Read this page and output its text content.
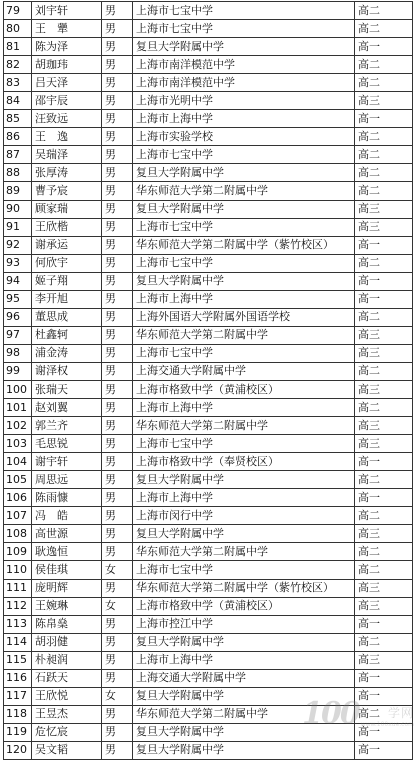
79	刘宇轩	男	上海市七宝中学	高二
80	王　犟	男	上海市七宝中学	高二
81	陈为泽	男	复旦大学附属中学	高一
82	胡珈玮	男	上海市南洋模范中学	高二
83	吕天泽	男	上海市南洋模范中学	高二
84	邵宇辰	男	上海市光明中学	高三
85	汪致远	男	上海市上海中学	高一
86	王　逸	男	上海市实验学校	高二
87	吴瑞泽	男	上海市七宝中学	高二
88	张厚涛	男	复旦大学附属中学	高二
89	曹予宸	男	华东师范大学第二附属中学	高二
90	顾家瑞	男	复旦大学附属中学	高三
91	王欣楷	男	上海市七宝中学	高三
92	谢承运	男	华东师范大学第二附属中学（紫竹校区）	高一
93	何欣宇	男	上海市七宝中学	高二
94	姬子翔	男	复旦大学附属中学	高一
95	李开旭	男	上海市上海中学	高一
96	董思成	男	上海外国语大学附属外国语学校	高二
97	杜鑫轲	男	华东师范大学第二附属中学	高三
98	浦金涛	男	上海市七宝中学	高三
99	谢泽权	男	上海交通大学附属中学	高二
100	张瑞天	男	上海市格致中学（黄浦校区）	高三
101	赵刘翼	男	上海市上海中学	高二
102	郭兰齐	男	华东师范大学第二附属中学	高三
103	毛思锐	男	上海市七宝中学	高三
104	谢宇轩	男	上海市格致中学（奉贤校区）	高一
105	周思远	男	复旦大学附属中学	高二
106	陈雨慷	男	上海市上海中学	高一
107	冯　皓	男	上海市闵行中学	高二
108	高世源	男	复旦大学附属中学	高三
109	耿逸恒	男	华东师范大学第二附属中学	高二
110	侯佳琪	女	上海市七宝中学	高二
111	庞明辉	男	华东师范大学第二附属中学（紫竹校区）	高三
112	王婉琳	女	上海市格致中学（黄浦校区）	高三
113	陈帛燊	男	上海市控江中学	高一
114	胡羽健	男	复旦大学附属中学	高二
115	朴昶润	男	上海市上海中学	高三
116	石跃天	男	上海交通大学附属中学	高一
117	王欣悦	女	复旦大学附属中学	高一
118	王昱杰	男	华东师范大学第二附属中学	高二
119	危忆宸	男	复旦大学附属中学	高一
120	吴文韬	男	复旦大学附属中学	高一
100 学网
www.100xue.com
